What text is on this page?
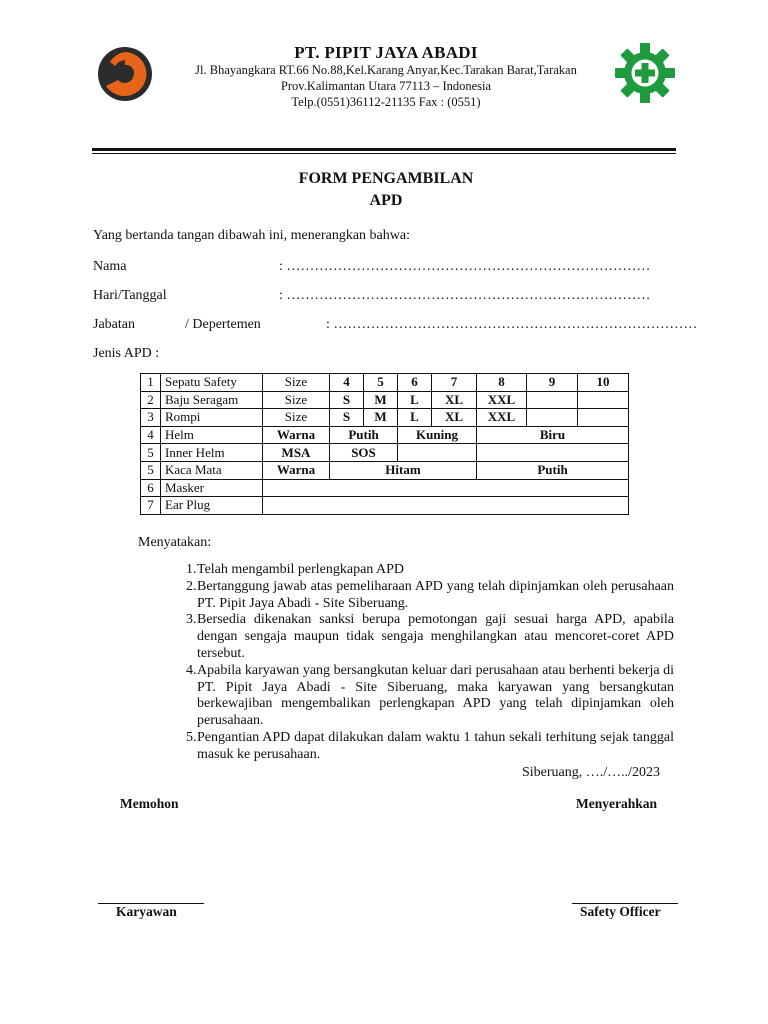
PT. PIPIT JAYA ABADI
Jl. Bhayangkara RT.66 No.88,Kel.Karang Anyar,Kec.Tarakan Barat,Tarakan
Prov.Kalimantan Utara 77113 – Indonesia
Telp.(0551)36112-21135 Fax : (0551)
FORM PENGAMBILAN
APD
Yang bertanda tangan dibawah ini, menerangkan bahwa:
Nama	: ……………………………………………………………………
Hari/Tanggal	: ……………………………………………………………………
Jabatan	/ Depertemen	: ……………………………………………………………………
Jenis APD :
1	Sepatu Safety	Size	4	5	6	7	8	9	10
2	Baju Seragam	Size	S	M	L	XL	XXL		
3	Rompi	Size	S	M	L	XL	XXL		
4	Helm	Warna	Putih		Kuning		Biru		
5	Inner Helm	MSA	SOS						
5	Kaca Mata	Warna	Hitam				Putih		
6	Masker								
7	Ear Plug								
Menyatakan:
1. Telah mengambil perlengkapan APD
2. Bertanggung jawab atas pemeliharaan APD yang telah dipinjamkan oleh perusahaan PT. Pipit Jaya Abadi - Site Siberuang.
3. Bersedia dikenakan sanksi berupa pemotongan gaji sesuai harga APD, apabila dengan sengaja maupun tidak sengaja menghilangkan atau mencoret-coret APD tersebut.
4. Apabila karyawan yang bersangkutan keluar dari perusahaan atau berhenti bekerja di PT. Pipit Jaya Abadi - Site Siberuang, maka karyawan yang bersangkutan berkewajiban mengembalikan perlengkapan APD yang telah dipinjamkan oleh perusahaan.
5. Pengantian APD dapat dilakukan dalam waktu 1 tahun sekali terhitung sejak tanggal masuk ke perusahaan.
Siberuang, …./…../2023
Memohon	Menyerahkan
Karyawan	Safety Officer
